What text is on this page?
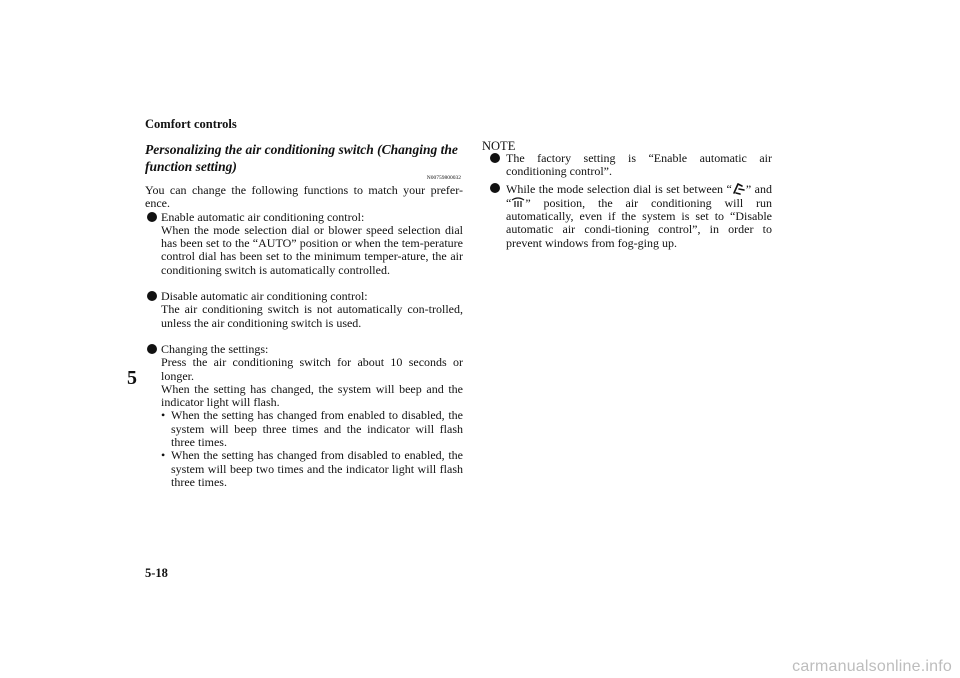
Comfort controls
5
Personalizing the air conditioning switch (Changing the function setting)
N00759800032

You can change the following functions to match your prefer-ence.

Enable automatic air conditioning control:
When the mode selection dial or blower speed selection dial has been set to the “AUTO” position or when the tem-perature control dial has been set to the minimum temper-ature, the air conditioning switch is automatically controlled.
Disable automatic air conditioning control:
The air conditioning switch is not automatically con-trolled, unless the air conditioning switch is used.
Changing the settings:
Press the air conditioning switch for about 10 seconds or longer.
When the setting has changed, the system will beep and the indicator light will flash.
• When the setting has changed from enabled to disabled, the system will beep three times and the indicator will flash three times.
• When the setting has changed from disabled to enabled, the system will beep two times and the indicator light will flash three times.
NOTE
The factory setting is “Enable automatic air conditioning control”.
While the mode selection dial is set between “ ” and “ ” position, the air conditioning will run automatically, even if the system is set to “Disable automatic air condi-tioning control”, in order to prevent windows from fog-ging up.
5-18
carmanualsonline.info
